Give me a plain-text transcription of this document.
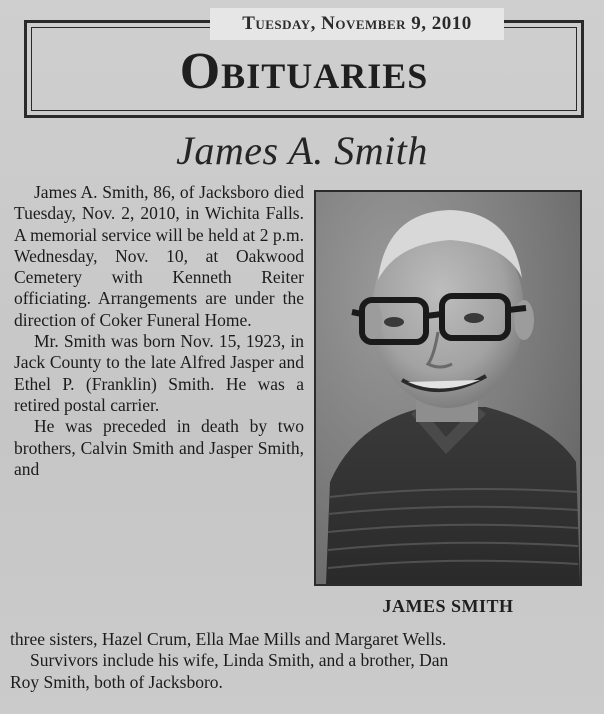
Tuesday, November 9, 2010
Obituaries
James A. Smith

James A. Smith, 86, of Jacksboro died Tuesday, Nov. 2, 2010, in Wichita Falls. A memorial service will be held at 2 p.m. Wednesday, Nov. 10, at Oakwood Cemetery with Kenneth Reiter officiating. Arrangements are under the direction of Coker Funeral Home.

Mr. Smith was born Nov. 15, 1923, in Jack County to the late Alfred Jasper and Ethel P. (Franklin) Smith. He was a retired postal carrier.

He was preceded in death by two brothers, Calvin Smith and Jasper Smith, and

JAMES SMITH
three sisters, Hazel Crum, Ella Mae Mills and Margaret Wells.
Survivors include his wife, Linda Smith, and a brother, Dan
Roy Smith, both of Jacksboro.
